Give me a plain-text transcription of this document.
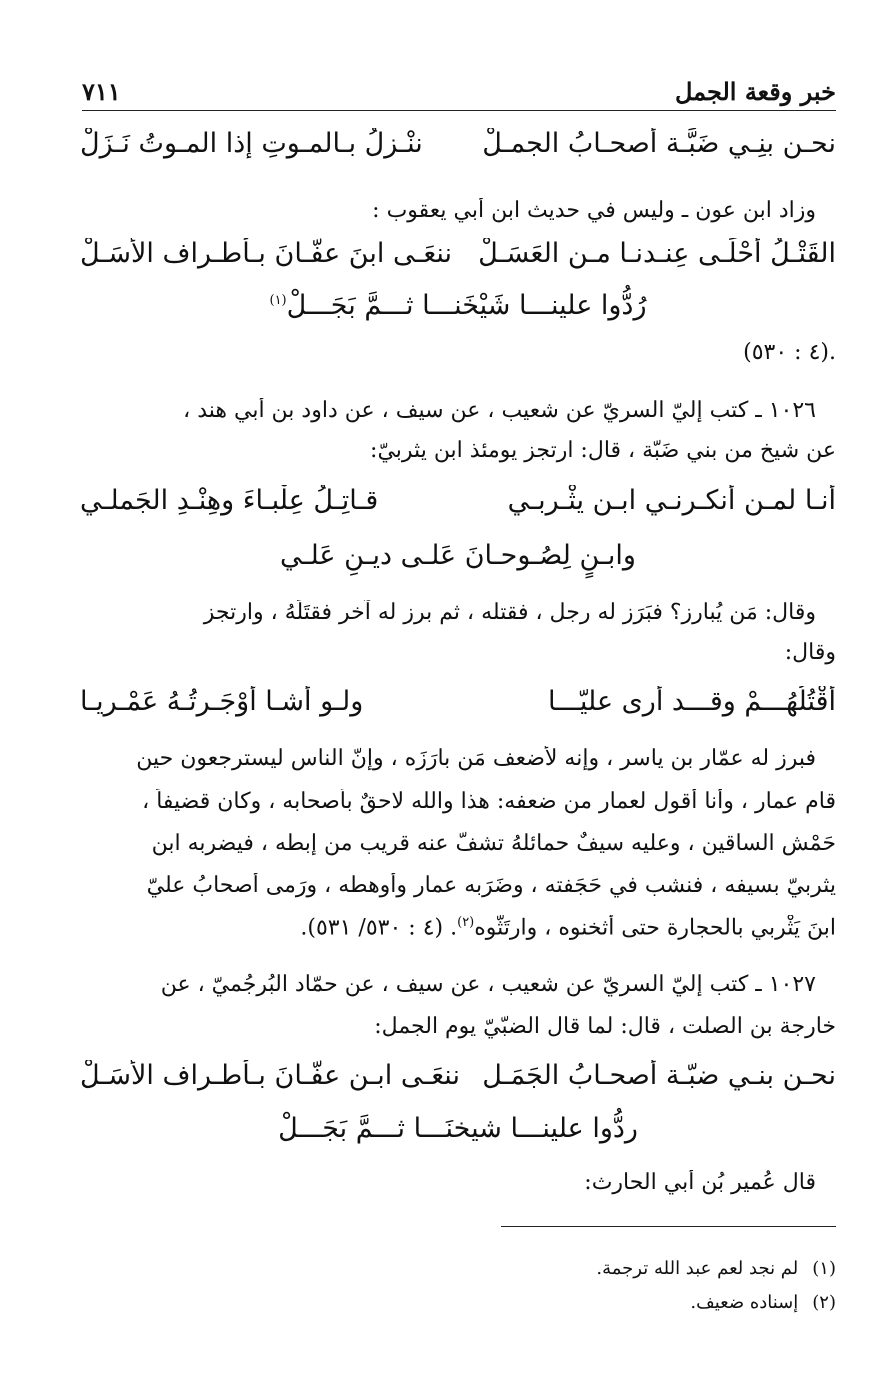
خبر وقعة الجمل
٧١١
نحـن بنِـي ضَبَّـة أصحـابُ الجمـلْ
ننْـزِلُ بـالمـوتِ إذا المـوتُ نَـزَلْ
وزاد ابن عون ـ وليس في حديث ابن أبي يعقوب :
القَتْـلُ أحْلَـى عِنـدنـا مـن العَسَـلْ
ننعَـى ابنَ عفَّـانَ بـأطـراف الأسَـلْ
رُدُّوا علينـــا شَيْخَنـــا ثـــمَّ بَجَـــلْ$^{(١)}$
.(٤ : ٥٣٠)
١٠٢٦ ـ كتب إليّ السريّ عن شعيب ، عن سيف ، عن داود بن أبي هند ،
عن شيخ من بني ضَبّة ، قال: ارتجز يومئذ ابن يثربيّ:
أنـا لمـن أنكـرنـي ابـن يثْـربـي
قـاتِـلُ عِلْبـاءَ وهِنْـدِ الجَملـي
وابـنٍ لِصُـوحـانَ عَلـى ديـنِ عَلـي
وقال: مَن يُبارز؟ فبَرَز له رجل ، فقتله ، ثم برز له آخر فقتَلَهُ ، وارتجز
وقال:
أقْتُلُهُـــمْ وقـــد أرى عليّـــا
ولـو أشـا أوْجَـرتُـهُ عَمْـريـا
فبرز له عمّار بن ياسر ، وإنه لأضعف مَن بارَزَه ، وإنّ الناس ليسترجعون حين
قام عمار ، وأنا أقول لعمار من ضعفه: هذا والله لاحقٌ بأصحابه ، وكان قضيفاً ،
حَمْش الساقين ، وعليه سيفٌ حمائلهُ تشفّ عنه قريب من إبطه ، فيضربه ابن
يثربيّ بسيفه ، فنشب في حَجَفته ، وضَرَبه عمار وأوهطه ، ورَمى أصحابُ عليّ
ابنَ يَثْربي بالحجارة حتى أثخنوه ، وارتَثُّوه$^{(٢)}$. (٤ : ٥٣٠/ ٥٣١).
١٠٢٧ ـ كتب إليّ السريّ عن شعيب ، عن سيف ، عن حمّاد البُرجُميّ ، عن
خارجة بن الصلت ، قال: لما قال الضبّيّ يوم الجمل:
نحـن بنـي ضبّـة أصحـابُ الجَمَـل
ننعَـى ابـن عفّـانَ بـأطـراف الأسَـلْ
ردُّوا علينـــا شيخنَـــا ثـــمَّ بَجَـــلْ
قال عُمير بُن أبي الحارث:
(١)لم نجد لعم عبد الله ترجمة.
(٢)إسناده ضعيف.
